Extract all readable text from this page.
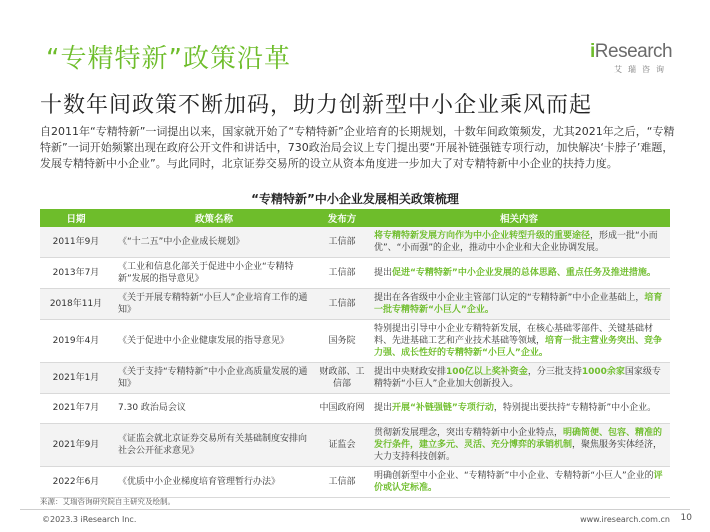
“专精特新”政策沿革	iResearch
艾瑞咨询
十数年间政策不断加码，助力创新型中小企业乘风而起
自2011年“专精特新”一词提出以来，国家就开始了“专精特新”企业培育的长期规划，十数年间政策频发，尤其2021年之后，“专精特新”一词开始频繁出现在政府公开文件和讲话中，730政治局会议上专门提出要“开展补链强链专项行动，加快解决‘卡脖子’难题，发展专精特新中小企业”。与此同时，北京证券交易所的设立从资本角度进一步加大了对专精特新中小企业的扶持力度。
“专精特新”中小企业发展相关政策梳理
日期	政策名称	发布方	相关内容
2011年9月	《“十二五”中小企业成长规划》	工信部	将专精特新发展方向作为中小企业转型升级的重要途径，形成一批“小而优”、“小而强”的企业，推动中小企业和大企业协调发展。
2013年7月	《工业和信息化部关于促进中小企业“专精特新”发展的指导意见》	工信部	提出促进“专精特新”中小企业发展的总体思路、重点任务及推进措施。
2018年11月	《关于开展专精特新“小巨人”企业培育工作的通知》	工信部	提出在各省级中小企业主管部门认定的“专精特新”中小企业基础上，培育一批专精特新“小巨人”企业。
2019年4月	《关于促进中小企业健康发展的指导意见》	国务院	特别提出引导中小企业专精特新发展，在核心基础零部件、关键基础材料、先进基础工艺和产业技术基础等领域，培育一批主营业务突出、竞争力强、成长性好的专精特新“小巨人”企业。
2021年1月	《关于支持“专精特新”中小企业高质量发展的通知》	财政部、工信部	提出中央财政安排100亿以上奖补资金，分三批支持1000余家国家级专精特新“小巨人”企业加大创新投入。
2021年7月	7.30 政治局会议	中国政府网	提出开展“补链强链”专项行动，特别提出要扶持“专精特新”中小企业。
2021年9月	《证监会就北京证券交易所有关基础制度安排向社会公开征求意见》	证监会	贯彻新发展理念，突出专精特新中小企业特点，明确简便、包容、精准的发行条件，建立多元、灵活、充分博弈的承销机制，聚焦服务实体经济，大力支持科技创新。
2022年6月	《优质中小企业梯度培育管理暂行办法》	工信部	明确创新型中小企业、“专精特新”中小企业、专精特新“小巨人”企业的评价或认定标准。
来源：艾瑞咨询研究院自主研究及绘制。
©2023.3 iResearch Inc.	www.iresearch.com.cn 10
